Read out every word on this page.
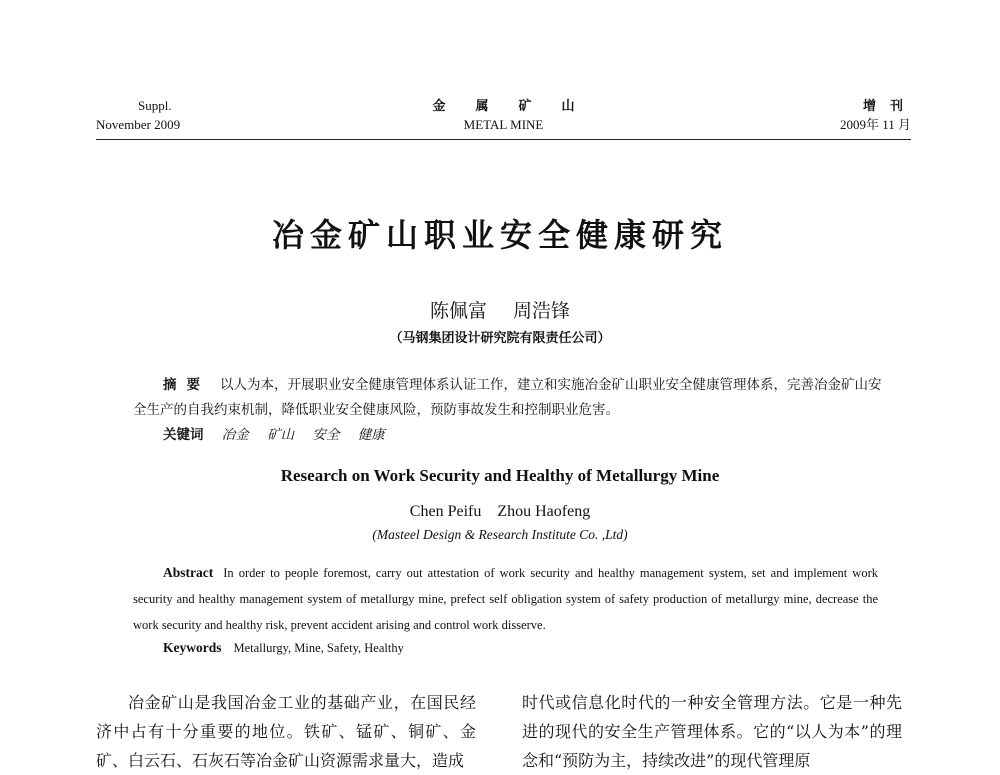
Suppl.
November 2009
金属矿山
METAL MINE
增刊
2009年 11 月
冶金矿山职业安全健康研究
陈佩富 周浩锋
（马钢集团设计研究院有限责任公司）
摘要 以人为本，开展职业安全健康管理体系认证工作，建立和实施冶金矿山职业安全健康管理体系，完善冶金矿山安全生产的自我约束机制，降低职业安全健康风险，预防事故发生和控制职业危害。
关键词 冶金 矿山 安全 健康
Research on Work Security and Healthy of Metallurgy Mine
Chen Peifu Zhou Haofeng
(Masteel Design & Research Institute Co. ,Ltd)
Abstract In order to people foremost, carry out attestation of work security and healthy management system, set and implement work security and healthy management system of metallurgy mine, prefect self obligation system of safety production of metallurgy mine, decrease the work security and healthy risk, prevent accident arising and control work disserve.
Keywords Metallurgy, Mine, Safety, Healthy
冶金矿山是我国冶金工业的基础产业，在国民经济中占有十分重要的地位。铁矿、锰矿、铜矿、金矿、白云石、石灰石等冶金矿山资源需求量大，造成
时代或信息化时代的一种安全管理方法。它是一种先进的现代的安全生产管理体系。它的“以人为本”的理念和“预防为主，持续改进”的现代管理原
